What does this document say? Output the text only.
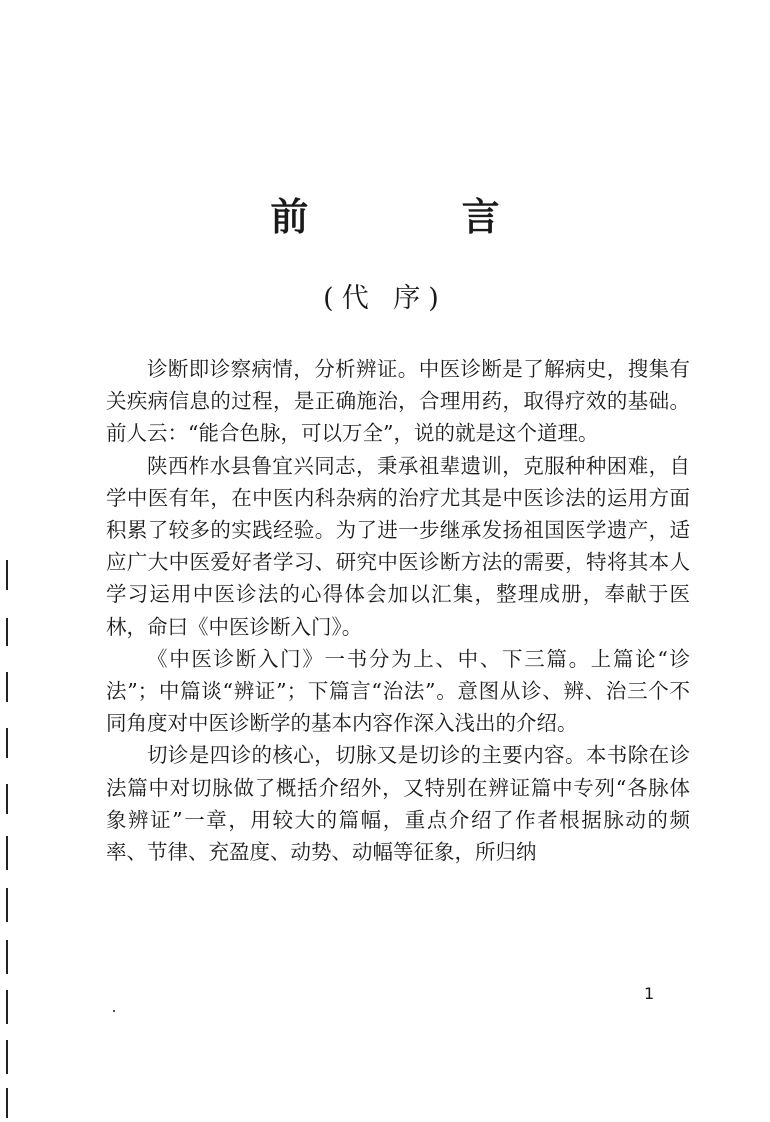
前 言
(代 序)

诊断即诊察病情，分析辨证。中医诊断是了解病史，搜集有关疾病信息的过程，是正确施治，合理用药，取得疗效的基础。前人云：“能合色脉，可以万全”，说的就是这个道理。

陕西柞水县鲁宜兴同志，秉承祖辈遗训，克服种种困难，自学中医有年，在中医内科杂病的治疗尤其是中医诊法的运用方面积累了较多的实践经验。为了进一步继承发扬祖国医学遗产，适应广大中医爱好者学习、研究中医诊断方法的需要，特将其本人学习运用中医诊法的心得体会加以汇集，整理成册，奉献于医林，命曰《中医诊断入门》。

《中医诊断入门》一书分为上、中、下三篇。上篇论“诊法”；中篇谈“辨证”；下篇言“治法”。意图从诊、辨、治三个不同角度对中医诊断学的基本内容作深入浅出的介绍。

切诊是四诊的核心，切脉又是切诊的主要内容。本书除在诊法篇中对切脉做了概括介绍外，又特别在辨证篇中专列“各脉体象辨证”一章，用较大的篇幅，重点介绍了作者根据脉动的频率、节律、充盈度、动势、动幅等征象，所归纳

1
